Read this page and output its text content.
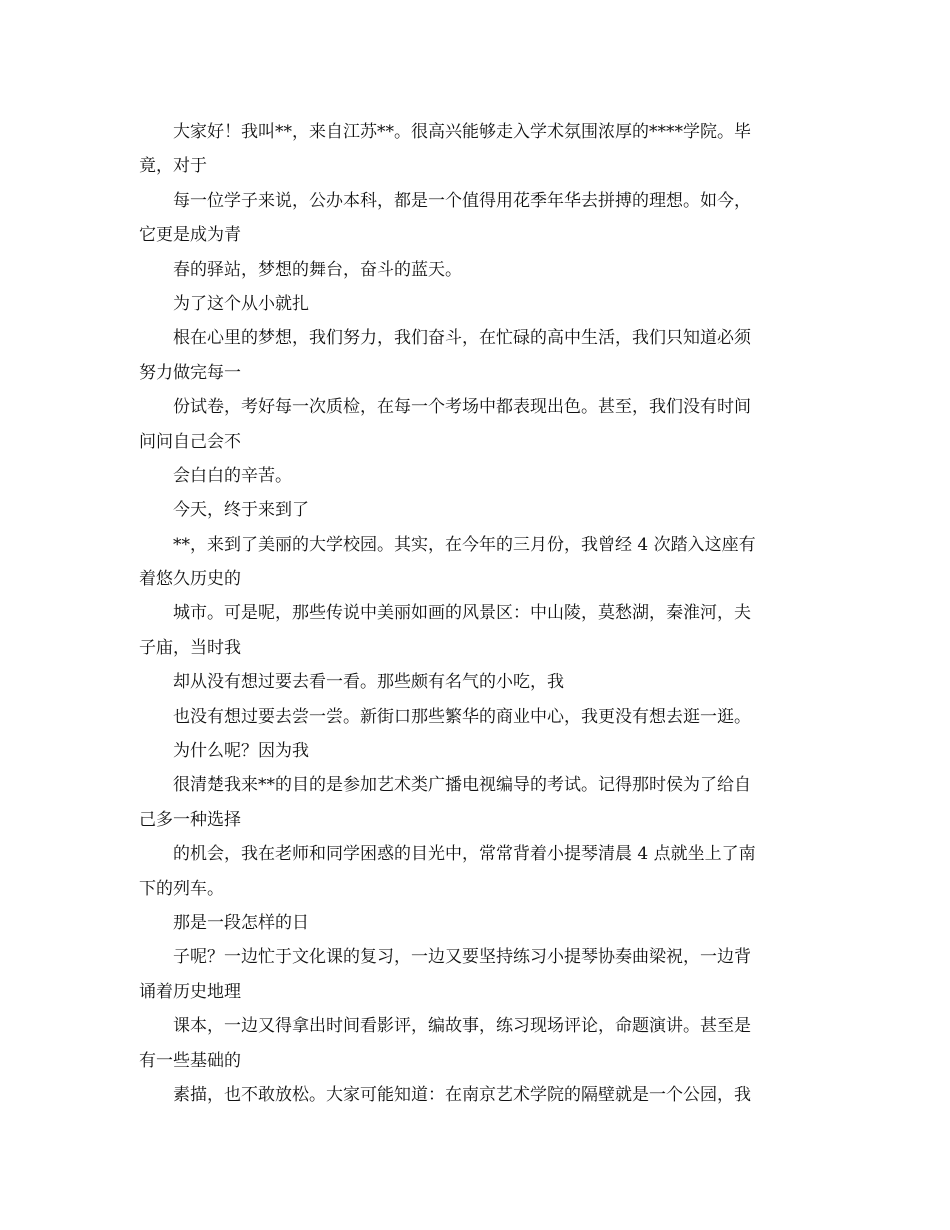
大家好！我叫**，来自江苏**。很高兴能够走入学术氛围浓厚的****学院。毕
竟，对于
每一位学子来说，公办本科，都是一个值得用花季年华去拼搏的理想。如今，
它更是成为青
春的驿站，梦想的舞台，奋斗的蓝天。
为了这个从小就扎
根在心里的梦想，我们努力，我们奋斗，在忙碌的高中生活，我们只知道必须
努力做完每一
份试卷，考好每一次质检，在每一个考场中都表现出色。甚至，我们没有时间
问问自己会不
会白白的辛苦。
今天，终于来到了
**，来到了美丽的大学校园。其实，在今年的三月份，我曾经 4 次踏入这座有
着悠久历史的
城市。可是呢，那些传说中美丽如画的风景区：中山陵，莫愁湖，秦淮河，夫
子庙，当时我
却从没有想过要去看一看。那些颇有名气的小吃，我
也没有想过要去尝一尝。新街口那些繁华的商业中心，我更没有想去逛一逛。
为什么呢？因为我
很清楚我来**的目的是参加艺术类广播电视编导的考试。记得那时侯为了给自
己多一种选择
的机会，我在老师和同学困惑的目光中，常常背着小提琴清晨 4 点就坐上了南
下的列车。
那是一段怎样的日
子呢？一边忙于文化课的复习，一边又要坚持练习小提琴协奏曲梁祝，一边背
诵着历史地理
课本，一边又得拿出时间看影评，编故事，练习现场评论，命题演讲。甚至是
有一些基础的
素描，也不敢放松。大家可能知道：在南京艺术学院的隔壁就是一个公园，我
